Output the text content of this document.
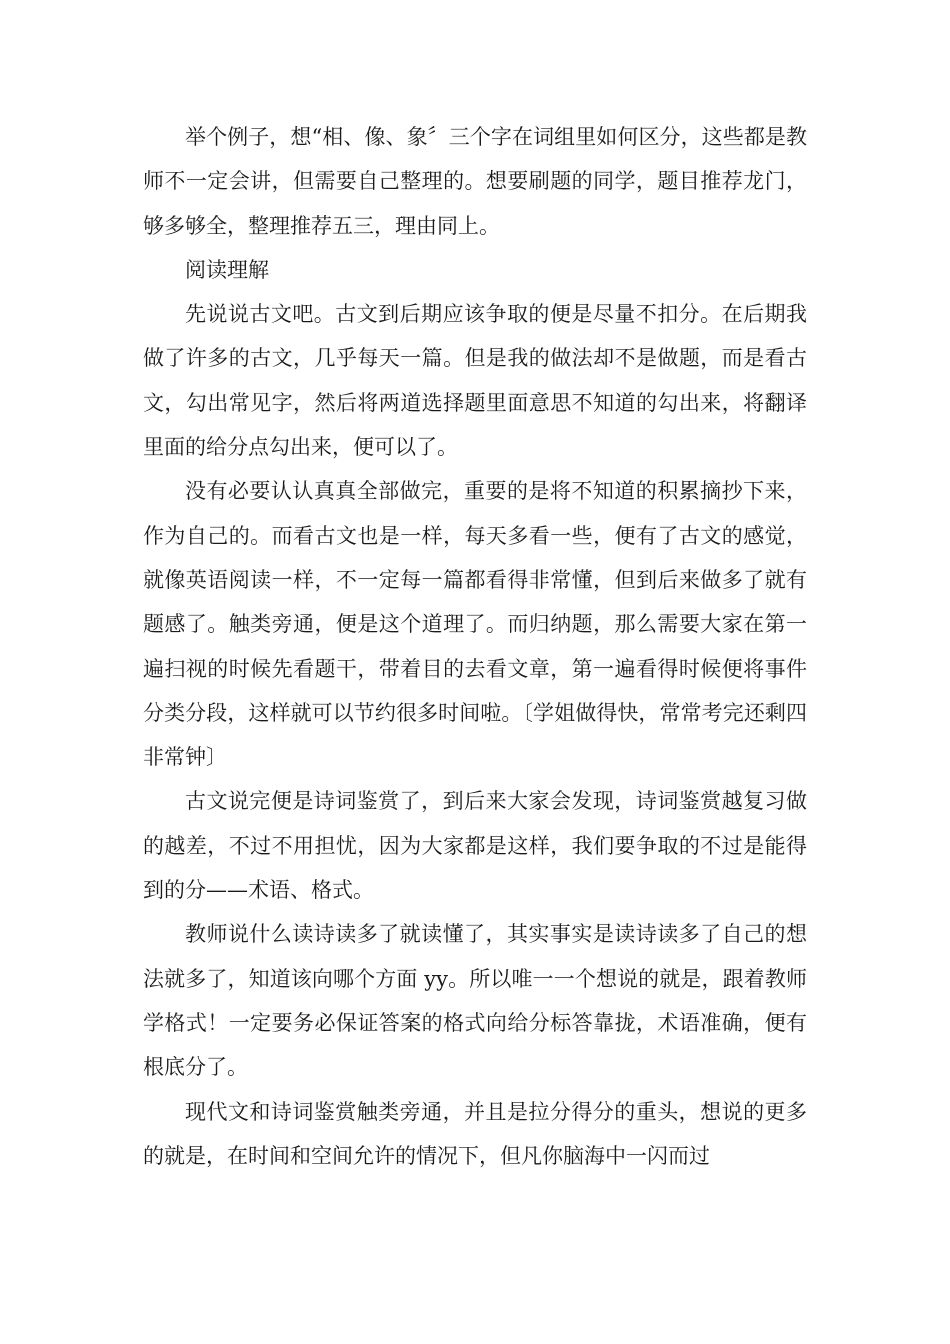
举个例子，想“相、像、象〞三个字在词组里如何区分，这些都是教师不一定会讲，但需要自己整理的。想要刷题的同学，题目推荐龙门，够多够全，整理推荐五三，理由同上。

阅读理解

先说说古文吧。古文到后期应该争取的便是尽量不扣分。在后期我做了许多的古文，几乎每天一篇。但是我的做法却不是做题，而是看古文，勾出常见字，然后将两道选择题里面意思不知道的勾出来，将翻译里面的给分点勾出来，便可以了。

没有必要认认真真全部做完，重要的是将不知道的积累摘抄下来，作为自己的。而看古文也是一样，每天多看一些，便有了古文的感觉，就像英语阅读一样，不一定每一篇都看得非常懂，但到后来做多了就有题感了。触类旁通，便是这个道理了。而归纳题，那么需要大家在第一遍扫视的时候先看题干，带着目的去看文章，第一遍看得时候便将事件分类分段，这样就可以节约很多时间啦。〔学姐做得快，常常考完还剩四非常钟〕

古文说完便是诗词鉴赏了，到后来大家会发现，诗词鉴赏越复习做的越差，不过不用担忧，因为大家都是这样，我们要争取的不过是能得到的分——术语、格式。

教师说什么读诗读多了就读懂了，其实事实是读诗读多了自己的想法就多了，知道该向哪个方面 yy。所以唯一一个想说的就是，跟着教师学格式！一定要务必保证答案的格式向给分标答靠拢，术语准确，便有根底分了。

现代文和诗词鉴赏触类旁通，并且是拉分得分的重头，想说的更多的就是，在时间和空间允许的情况下，但凡你脑海中一闪而过
